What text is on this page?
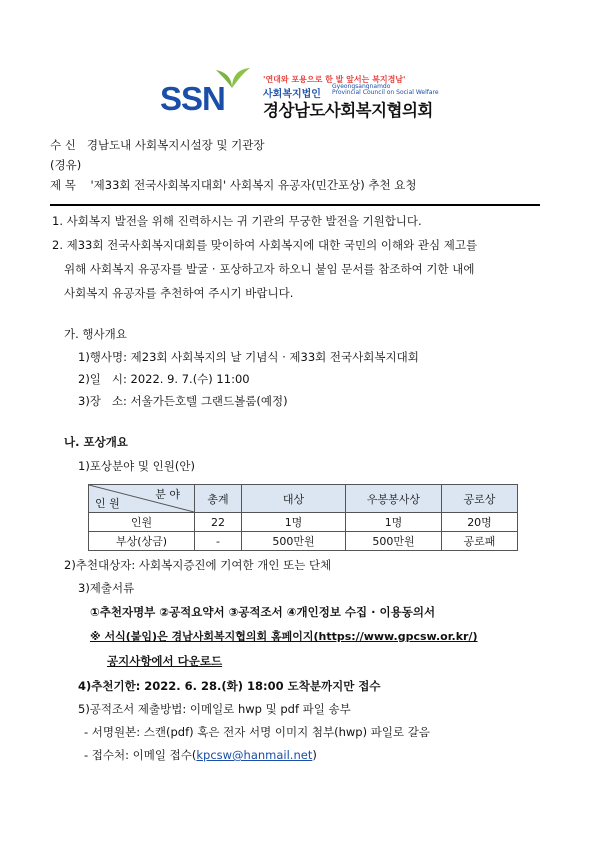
SSN
'연대와 포용으로 한 발 앞서는 복지경남'
사회복지법인
Gyeongsangnamdo
Provincial Council on Social Welfare
경상남도사회복지협의회
수 신 경남도내 사회복지시설장 및 기관장
(경유)
제 목 '제33회 전국사회복지대회' 사회복지 유공자(민간포상) 추천 요청
1. 사회복지 발전을 위해 진력하시는 귀 기관의 무궁한 발전을 기원합니다.
2. 제33회 전국사회복지대회를 맞이하여 사회복지에 대한 국민의 이해와 관심 제고를
위해 사회복지 유공자를 발굴 · 포상하고자 하오니 붙임 문서를 참조하여 기한 내에
사회복지 유공자를 추천하여 주시기 바랍니다.
가. 행사개요
1)행사명: 제23회 사회복지의 날 기념식 · 제33회 전국사회복지대회
2)일   시: 2022. 9. 7.(수) 11:00
3)장   소: 서울가든호텔 그랜드볼룸(예정)
나. 포상개요
1)포상분야 및 인원(안)
분 야
인 원	총계	대상	우봉봉사상	공로상
인원	22	1명	1명	20명
부상(상금)	-	500만원	500만원	공로패
2)추천대상자: 사회복지증진에 기여한 개인 또는 단체
3)제출서류
①추천자명부 ②공적요약서 ③공적조서 ④개인정보 수집 · 이용동의서
※ 서식(붙임)은 경남사회복지협의회 홈페이지(https://www.gpcsw.or.kr/)
공지사항에서 다운로드
4)추천기한: 2022. 6. 28.(화) 18:00 도착분까지만 접수
5)공적조서 제출방법: 이메일로 hwp 및 pdf 파일 송부
- 서명원본: 스캔(pdf) 혹은 전자 서명 이미지 첨부(hwp) 파일로 갈음
- 접수처: 이메일 접수(kpcsw@hanmail.net)
